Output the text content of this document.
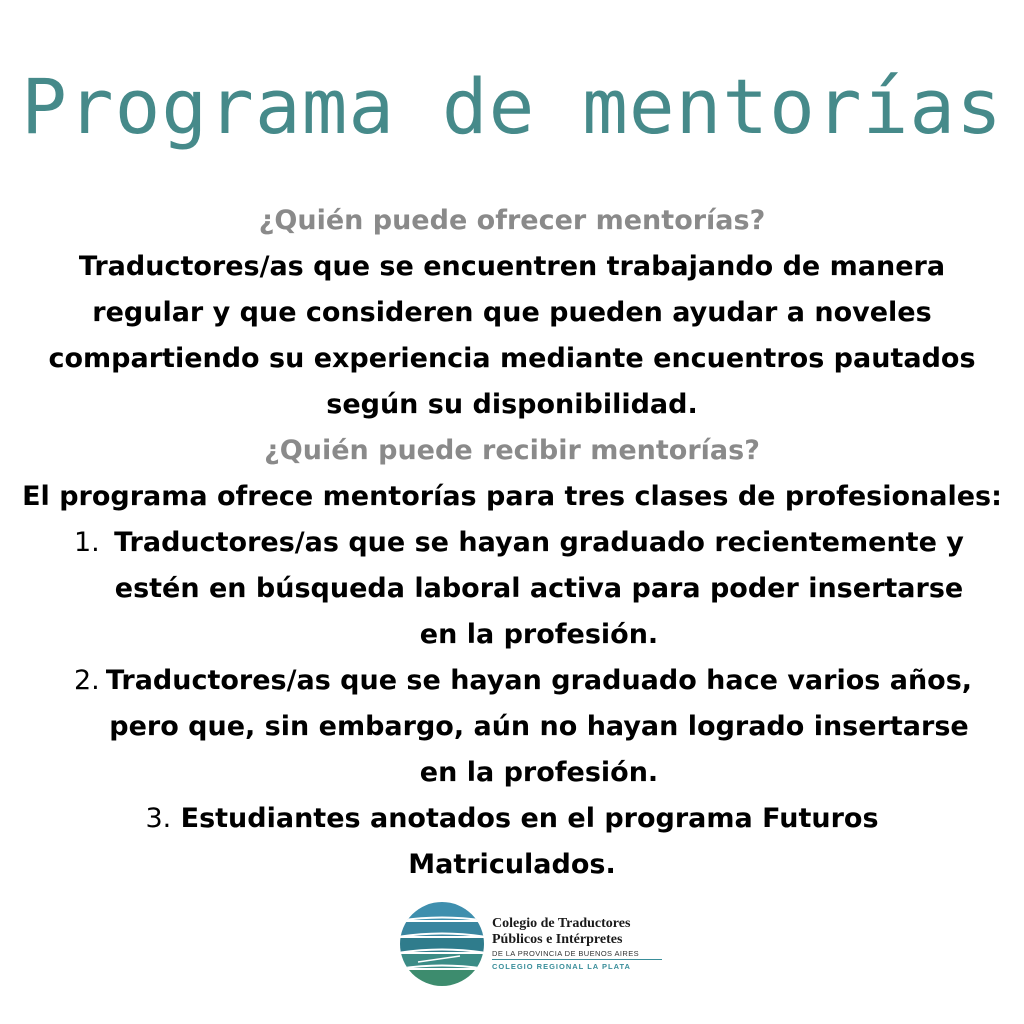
Programa de mentorías

¿Quién puede ofrecer mentorías?

Traductores/as que se encuentren trabajando de manera regular y que consideren que pueden ayudar a noveles compartiendo su experiencia mediante encuentros pautados según su disponibilidad.

¿Quién puede recibir mentorías?

El programa ofrece mentorías para tres clases de profesionales:

1. Traductores/as que se hayan graduado recientemente y estén en búsqueda laboral activa para poder insertarse en la profesión.
2. Traductores/as que se hayan graduado hace varios años, pero que, sin embargo, aún no hayan logrado insertarse en la profesión.
3. Estudiantes anotados en el programa Futuros Matriculados.
Colegio de Traductores
Públicos e Intérpretes
DE LA PROVINCIA DE BUENOS AIRES
COLEGIO REGIONAL LA PLATA
